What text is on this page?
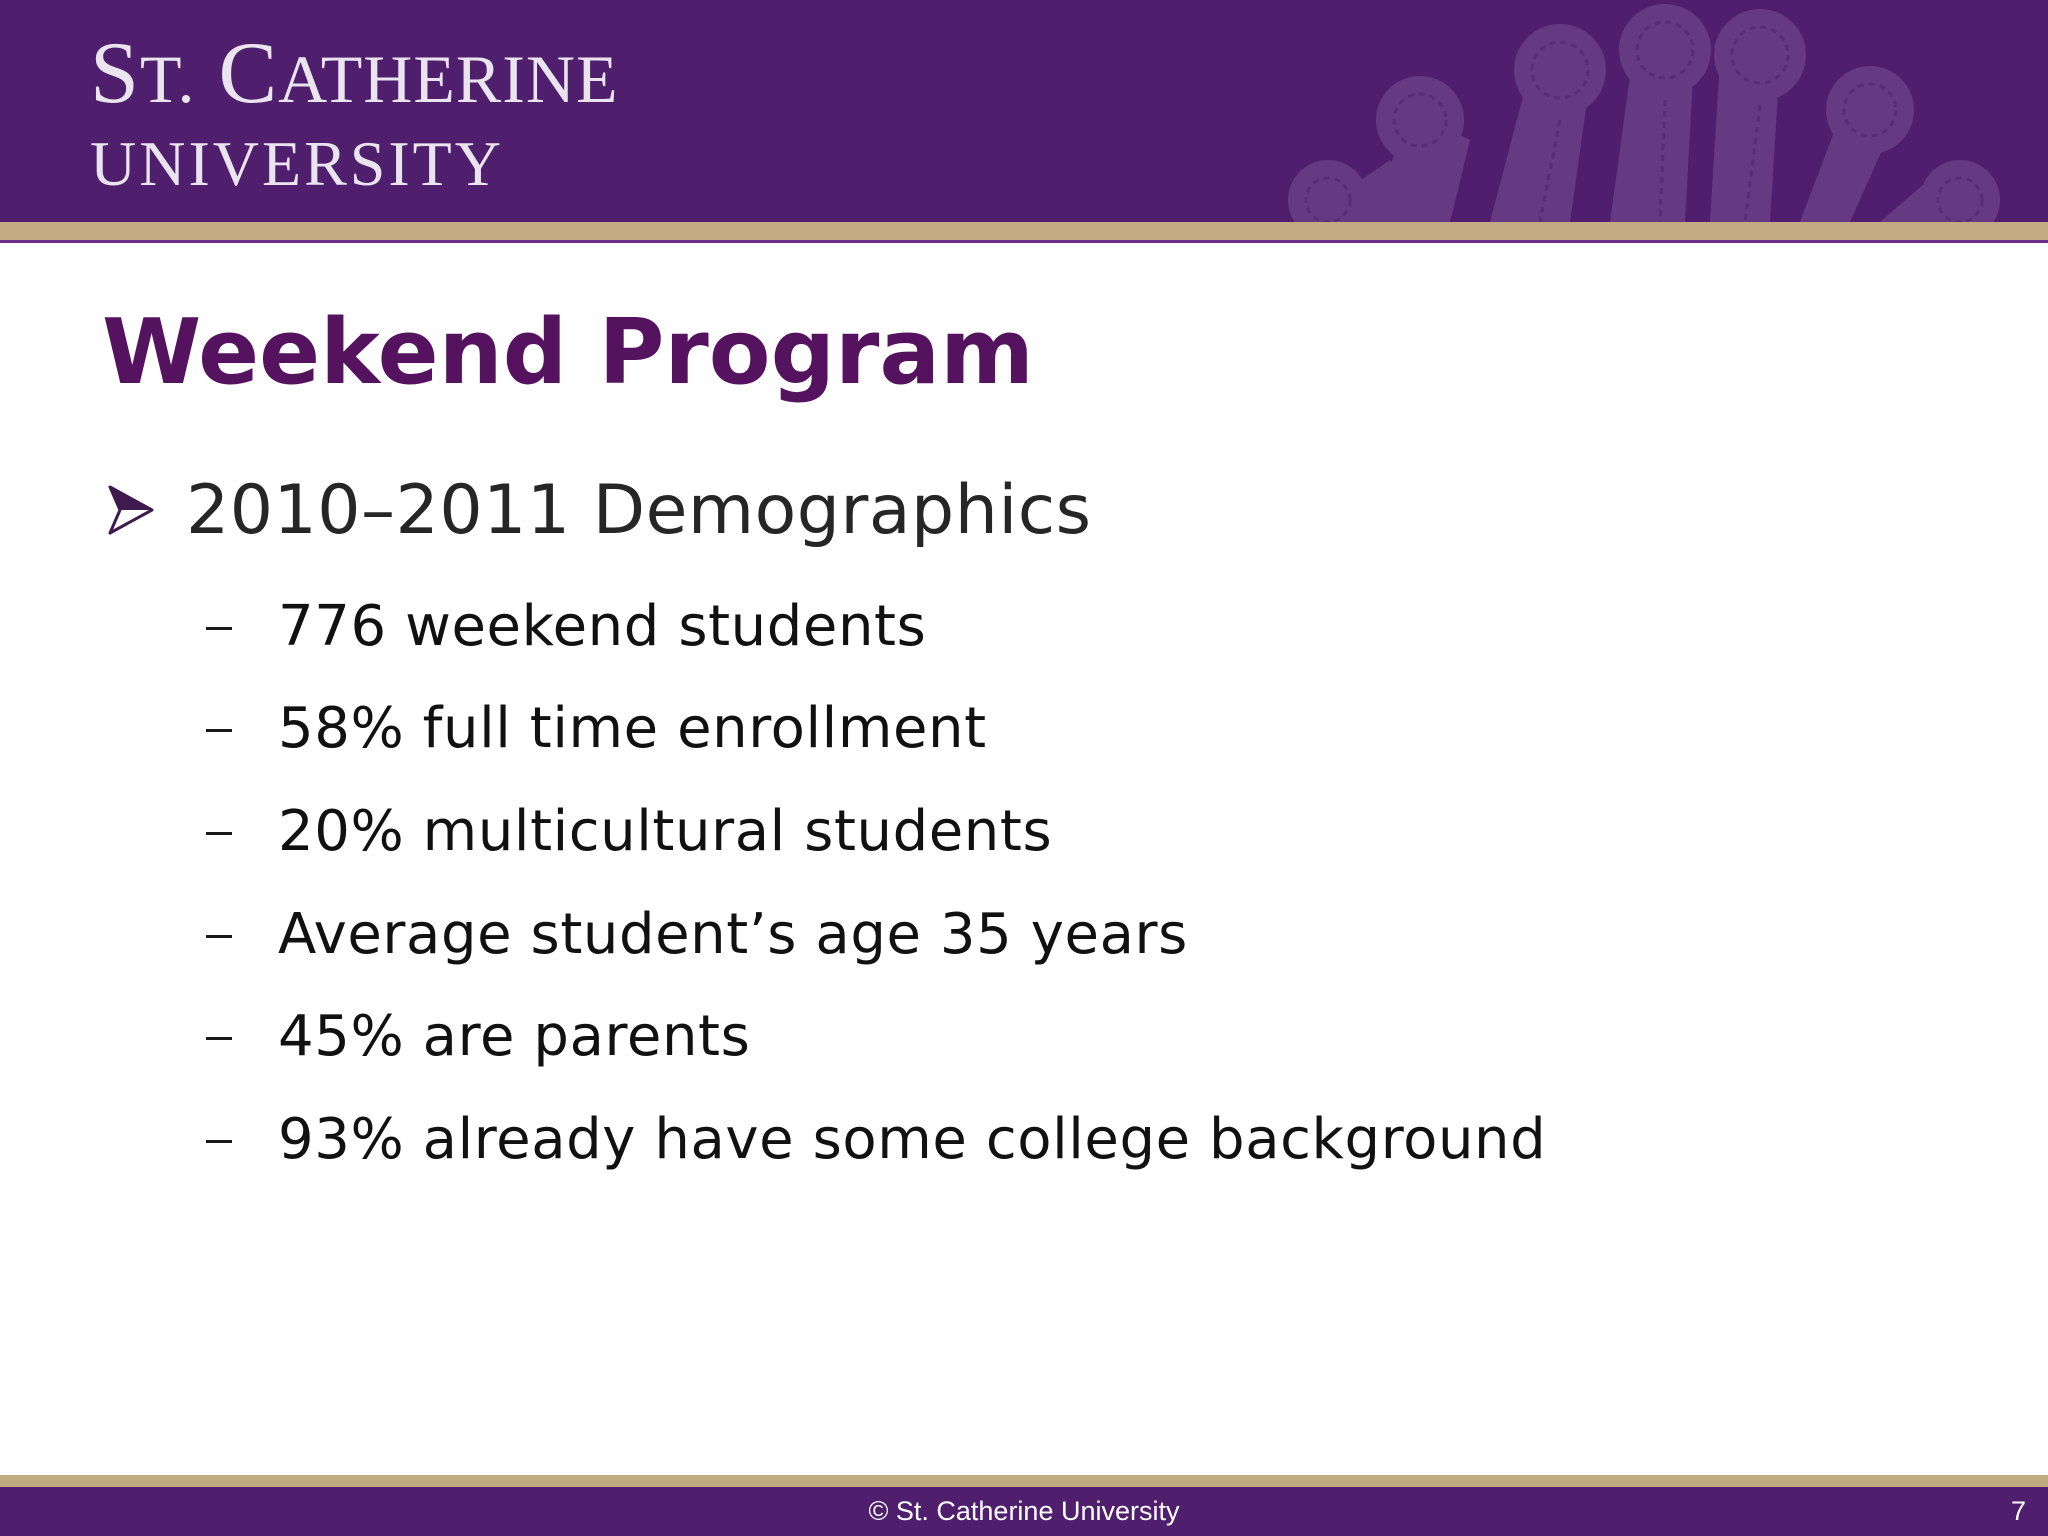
ST. CATHERINE
UNIVERSITY
Weekend Program
2010–2011 Demographics
776 weekend students
58% full time enrollment
20% multicultural students
Average student’s age 35 years
45% are parents
93% already have some college background
© St. Catherine University	7
